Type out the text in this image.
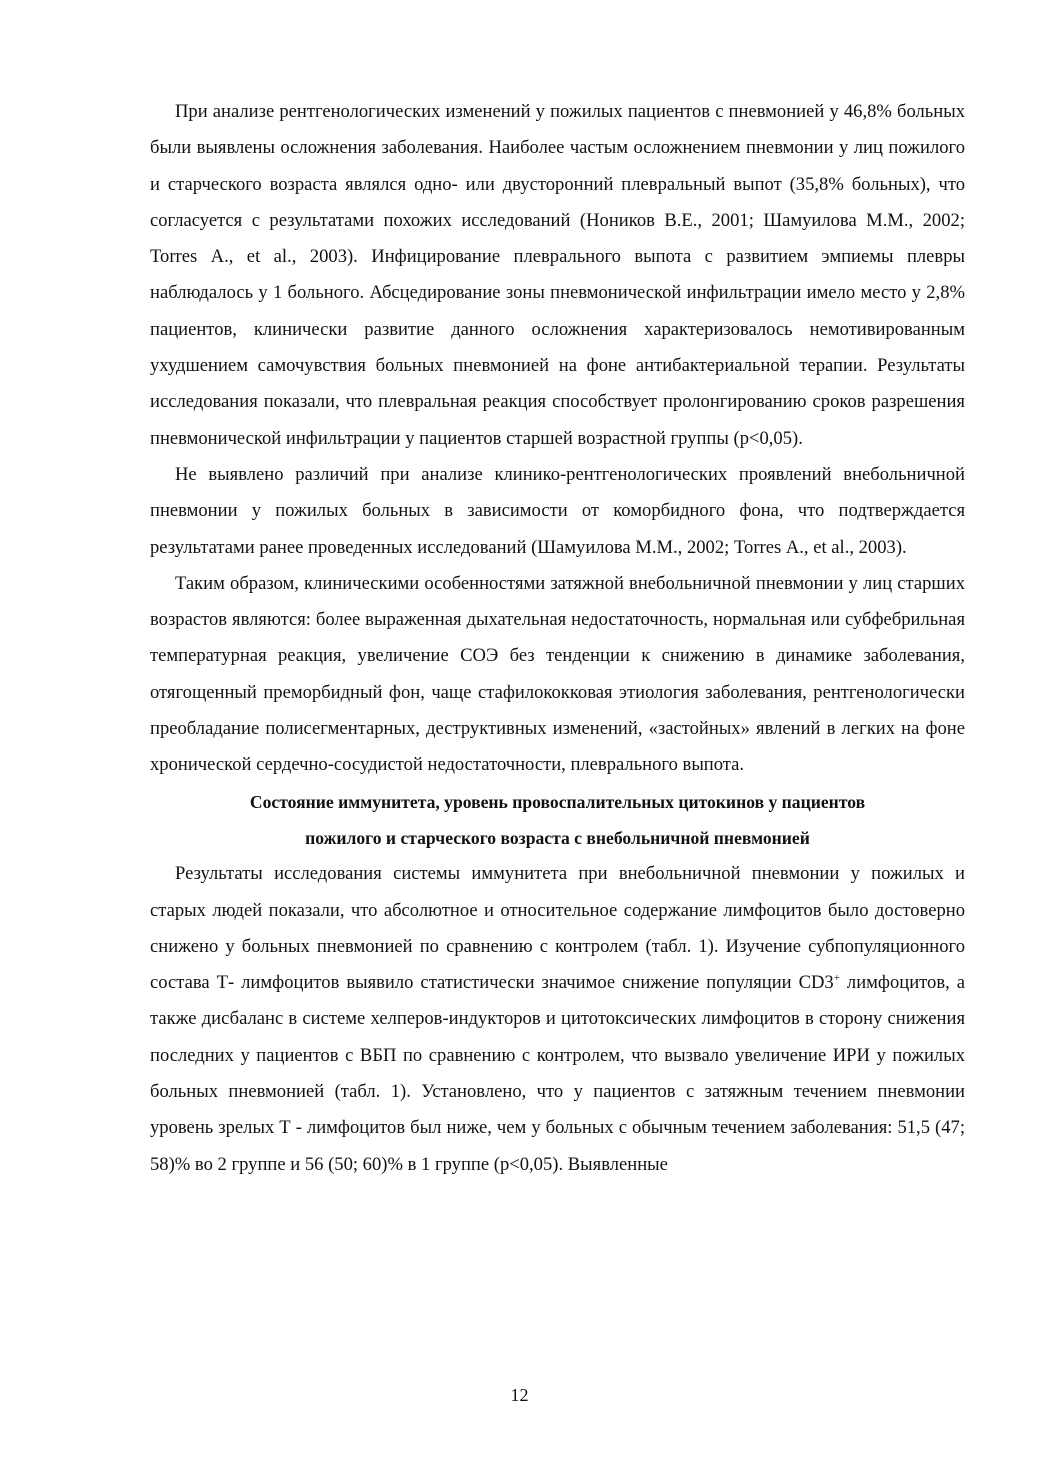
При анализе рентгенологических изменений у пожилых пациентов с пневмонией у 46,8% больных были выявлены осложнения заболевания. Наиболее частым осложнением пневмонии у лиц пожилого и старческого возраста являлся одно- или двусторонний плевральный выпот (35,8% больных), что согласуется с результатами похожих исследований (Нoников В.Е., 2001; Шамуилова М.М., 2002; Torres А., et al., 2003). Инфицирование плеврального выпота с развитием эмпиемы плевры наблюдалось у 1 больного. Абсцедирование зоны пневмонической инфильтрации имело место у 2,8% пациентов, клинически развитие данного осложнения характеризовалось немотивированным ухудшением самочувствия больных пневмонией на фоне антибактериальной терапии. Результаты исследования показали, что плевральная реакция способствует пролонгированию сроков разрешения пневмонической инфильтрации у пациентов старшей возрастной группы (p<0,05).

Не выявлено различий при анализе клинико-рентгенологических проявлений внебольничной пневмонии у пожилых больных в зависимости от коморбидного фона, что подтверждается результатами ранее проведенных исследований (Шамуилова М.М., 2002; Torres А., et al., 2003).

Таким образом, клиническими особенностями затяжной внебольничной пневмонии у лиц старших возрастов являются: более выраженная дыхательная недостаточность, нормальная или субфебрильная температурная реакция, увеличение СОЭ без тенденции к снижению в динамике заболевания, отягощенный преморбидный фон, чаще стафилококковая этиология заболевания, рентгенологически преобладание полисегментарных, деструктивных изменений, «застойных» явлений в легких на фоне хронической сердечно-сосудистой недостаточности, плеврального выпота.

Состояние иммунитета, уровень провоспалительных цитокинов у пациентов
пожилого и старческого возраста с внебольничной пневмонией

Результаты исследования системы иммунитета при внебольничной пневмонии у пожилых и старых людей показали, что абсолютное и относительное содержание лимфоцитов было достоверно снижено у больных пневмонией по сравнению с контролем (табл. 1). Изучение субпопуляционного состава Т- лимфоцитов выявило статистически значимое снижение популяции CD3+ лимфоцитов, а также дисбаланс в системе хелперов-индукторов и цитотоксических лимфоцитов в сторону снижения последних у пациентов с ВБП по сравнению с контролем, что вызвало увеличение ИРИ у пожилых больных пневмонией (табл. 1). Установлено, что у пациентов с затяжным течением пневмонии уровень зрелых Т - лимфоцитов был ниже, чем у больных с обычным течением заболевания: 51,5 (47; 58)% во 2 группе и 56 (50; 60)% в 1 группе (p<0,05). Выявленные

12
